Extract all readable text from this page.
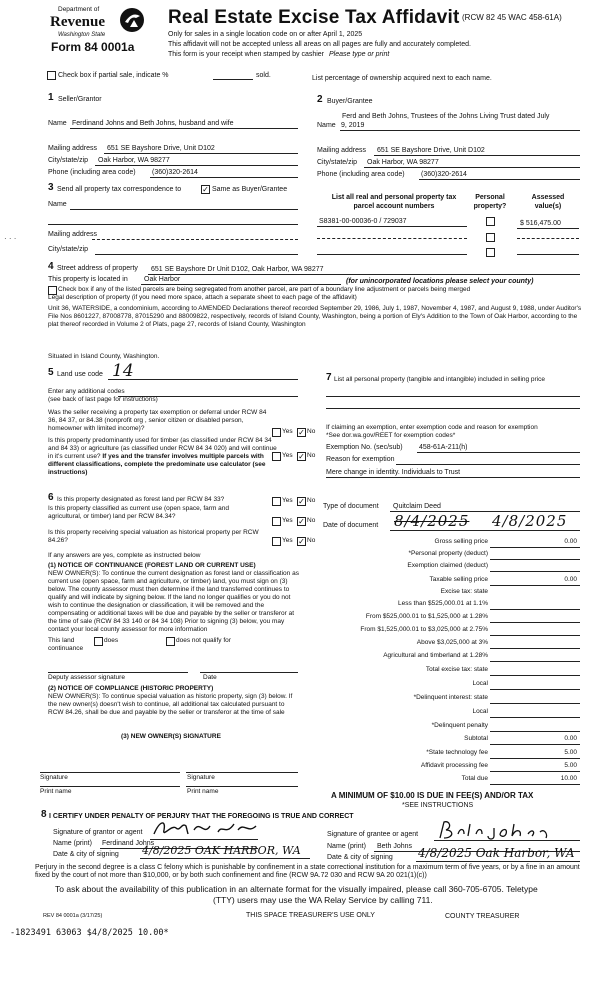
Department of
Revenue
Washington State
Form 84 0001a
Real Estate Excise Tax Affidavit (RCW 82 45 WAC 458-61A)
Only for sales in a single location code on or after April 1, 2025
This affidavit will not be accepted unless all areas on all pages are fully and accurately completed.
This form is your receipt when stamped by cashier Please type or print
Check box if partial sale, indicate %	sold.	List percentage of ownership acquired next to each name.
1 Seller/Grantor
Name Ferdinand Johns and Beth Johns, husband and wife
Mailing address 651 SE Bayshore Drive, Unit D102
City/state/zip Oak Harbor, WA 98277
Phone (including area code) (360)320-2614
2 Buyer/Grantee
Ferd and Beth Johns, Trustees of the Johns Living Trust dated July
Name 9, 2019
Mailing address 651 SE Bayshore Drive, Unit D102
City/state/zip Oak Harbor, WA 98277
Phone (including area code) (360)320-2614
3 Send all property tax correspondence to	✓ Same as Buyer/Grantee
Name
Mailing address
City/state/zip
· · ·
List all real and personal property tax
parcel account numbers
Personal
property?
Assessed
value(s)
S8381-00-00036-0 / 729037	$ 516,475.00
4 Street address of property 651 SE Bayshore Dr Unit D102, Oak Harbor, WA 98277
This property is located in Oak Harbor	(for unincorporated locations please select your county)
Check box if any of the listed parcels are being segregated from another parcel, are part of a boundary line adjustment or parcels being merged
Legal description of property (if you need more space, attach a separate sheet to each page of the affidavit)
Unit 36, WATERSIDE, a condominium, according to AMENDED Declarations thereof recorded September 29, 1986, July 1, 1987, November 4, 1987, and August 9, 1988, under Auditor's File Nos 8601227, 87008778, 87015290 and 88009822, respectively, records of Island County, Washington, being a portion of Ely's Addition to the Town of Oak Harbor, according to the plat thereof recorded in Volume 2 of Plats, page 27, records of Island County, Washington
Situated in Island County, Washington.
5 Land use code 14
Enter any additional codes
(see back of last page for instructions)
Was the seller receiving a property tax exemption or deferral under RCW 84 36, 84 37, or 84.38 (nonprofit org , senior citizen or disabled person, homeowner with limited income)?	Yes ✓ No
Is this property predominantly used for timber (as classified under RCW 84 34 and 84 33) or agriculture (as classified under RCW 84 34 020) and will continue in it's current use? If yes and the transfer involves multiple parcels with different classifications, complete the predominate use calculator (see instructions)
Yes ✓ No
7 List all personal property (tangible and intangible) included in selling price
If claiming an exemption, enter exemption code and reason for exemption
*See dor.wa.gov/REET for exemption codes*
Exemption No. (sec/sub) 458-61A-211(h)
Reason for exemption
Mere change in identity. Individuals to Trust
6 Is this property designated as forest land per RCW 84 33?	Yes ✓ No
Is this property classified as current use (open space, farm and agricultural, or timber) land per RCW 84.34?
Yes ✓ No
Is this property receiving special valuation as historical property per RCW 84.26?	Yes ✓ No
If any answers are yes, complete as instructed below
(1) NOTICE OF CONTINUANCE (FOREST LAND OR CURRENT USE)
NEW OWNER(S): To continue the current designation as forest land or classification as current use (open space, farm and agriculture, or timber) land, you must sign on (3) below. The county assessor must then determine if the land transferred continues to qualify and will indicate by signing below. If the land no longer qualifies or you do not wish to continue the designation or classification, it will be removed and the compensating or additional taxes will be due and payable by the seller or transferor at the time of sale (RCW 84 33 140 or 84 34 108) Prior to signing (3) below, you may contact your local county assessor for more information
This land	does	does not qualify for
continuance
Deputy assessor signature	Date
(2) NOTICE OF COMPLIANCE (HISTORIC PROPERTY)
NEW OWNER(S): To continue special valuation as historic property, sign (3) below. If the new owner(s) doesn't wish to continue, all additional tax calculated pursuant to RCW 84.26, shall be due and payable by the seller or transferor at the time of sale
(3) NEW OWNER(S) SIGNATURE
Signature	Signature
Print name	Print name
Type of document Quitclaim Deed
Date of document 8/4/2025 4/8/2025
Gross selling price	0.00
*Personal property (deduct)
Exemption claimed (deduct)
Taxable selling price	0.00
Excise tax: state
Less than $525,000.01 at 1.1%
From $525,000.01 to $1,525,000 at 1.28%
From $1,525,000.01 to $3,025,000 at 2.75%
Above $3,025,000 at 3%
Agricultural and timberland at 1.28%
Total excise tax: state
Local
*Delinquent interest: state
Local
*Delinquent penalty
Subtotal	0.00
*State technology fee	5.00
Affidavit processing fee	5.00
Total due	10.00
A MINIMUM OF $10.00 IS DUE IN FEE(S) AND/OR TAX
*SEE INSTRUCTIONS
8 I CERTIFY UNDER PENALTY OF PERJURY THAT THE FOREGOING IS TRUE AND CORRECT
Signature of grantor or agent
Name (print) Ferdinand Johns
Date & city of signing 4/8/2025 OAK HARBOR, WA
Signature of grantee or agent
Name (print) Beth Johns
Date & city of signing 4/8/2025 Oak Harbor, WA
Perjury in the second degree is a class C felony which is punishable by confinement in a state correctional institution for a maximum term of five years, or by a fine in an amount fixed by the court of not more than $10,000, or by both such confinement and fine (RCW 9A.72 030 and RCW 9A 20 021(1)(c))
To ask about the availability of this publication in an alternate format for the visually impaired, please call 360-705-6705. Teletype
(TTY) users may use the WA Relay Service by calling 711.
REV 84 0001a (3/17/25)	THIS SPACE TREASURER'S USE ONLY	COUNTY TREASURER
-1823491 63063 $4/8/2025 10.00*
